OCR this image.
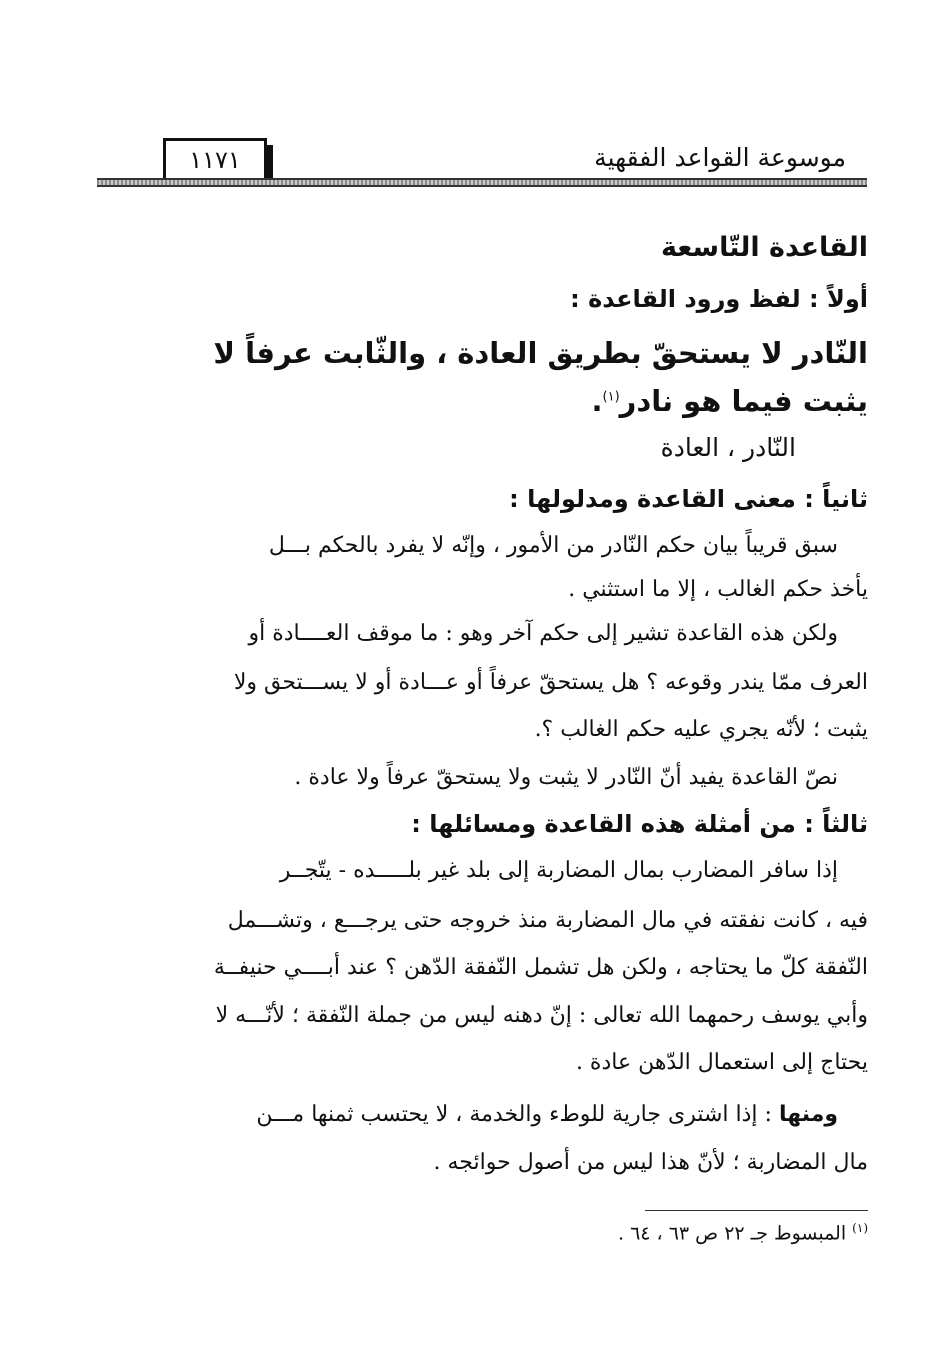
موسوعة القواعد الفقهية
١١٧١
القاعدة التّاسعة
أولاً : لفظ ورود القاعدة :
النّادر لا يستحقّ بطريق العادة ، والثّابت عرفاً لا
يثبت فيما هو نادر$^{(١)}$.
النّادر ، العادة
ثانياً : معنى القاعدة ومدلولها :
سبق قريباً بيان حكم النّادر من الأمور ، وإنّه لا يفرد بالحكم بـــل
يأخذ حكم الغالب ، إلا ما استثني .
ولكن هذه القاعدة تشير إلى حكم آخر وهو : ما موقف العــــادة أو
العرف ممّا يندر وقوعه ؟ هل يستحقّ عرفاً أو عـــادة أو لا يســـتحق ولا
يثبت ؛ لأنّه يجري عليه حكم الغالب ؟.
نصّ القاعدة يفيد أنّ النّادر لا يثبت ولا يستحقّ عرفاً ولا عادة .
ثالثاً : من أمثلة هذه القاعدة ومسائلها :
إذا سافر المضارب بمال المضاربة إلى بلد غير بلـــــده - يتّجــر
فيه ، كانت نفقته في مال المضاربة منذ خروجه حتى يرجـــع ، وتشـــمل
النّفقة كلّ ما يحتاجه ، ولكن هل تشمل النّفقة الدّهن ؟ عند أبــــي حنيفــة
وأبي يوسف رحمهما الله تعالى : إنّ دهنه ليس من جملة النّفقة ؛ لأنّـــه لا
يحتاج إلى استعمال الدّهن عادة .
ومنها : إذا اشترى جارية للوطء والخدمة ، لا يحتسب ثمنها مـــن
مال المضاربة ؛ لأنّ هذا ليس من أصول حوائجه .
$^{(١)}$ المبسوط جـ ٢٢ ص ٦٣ ، ٦٤ .
